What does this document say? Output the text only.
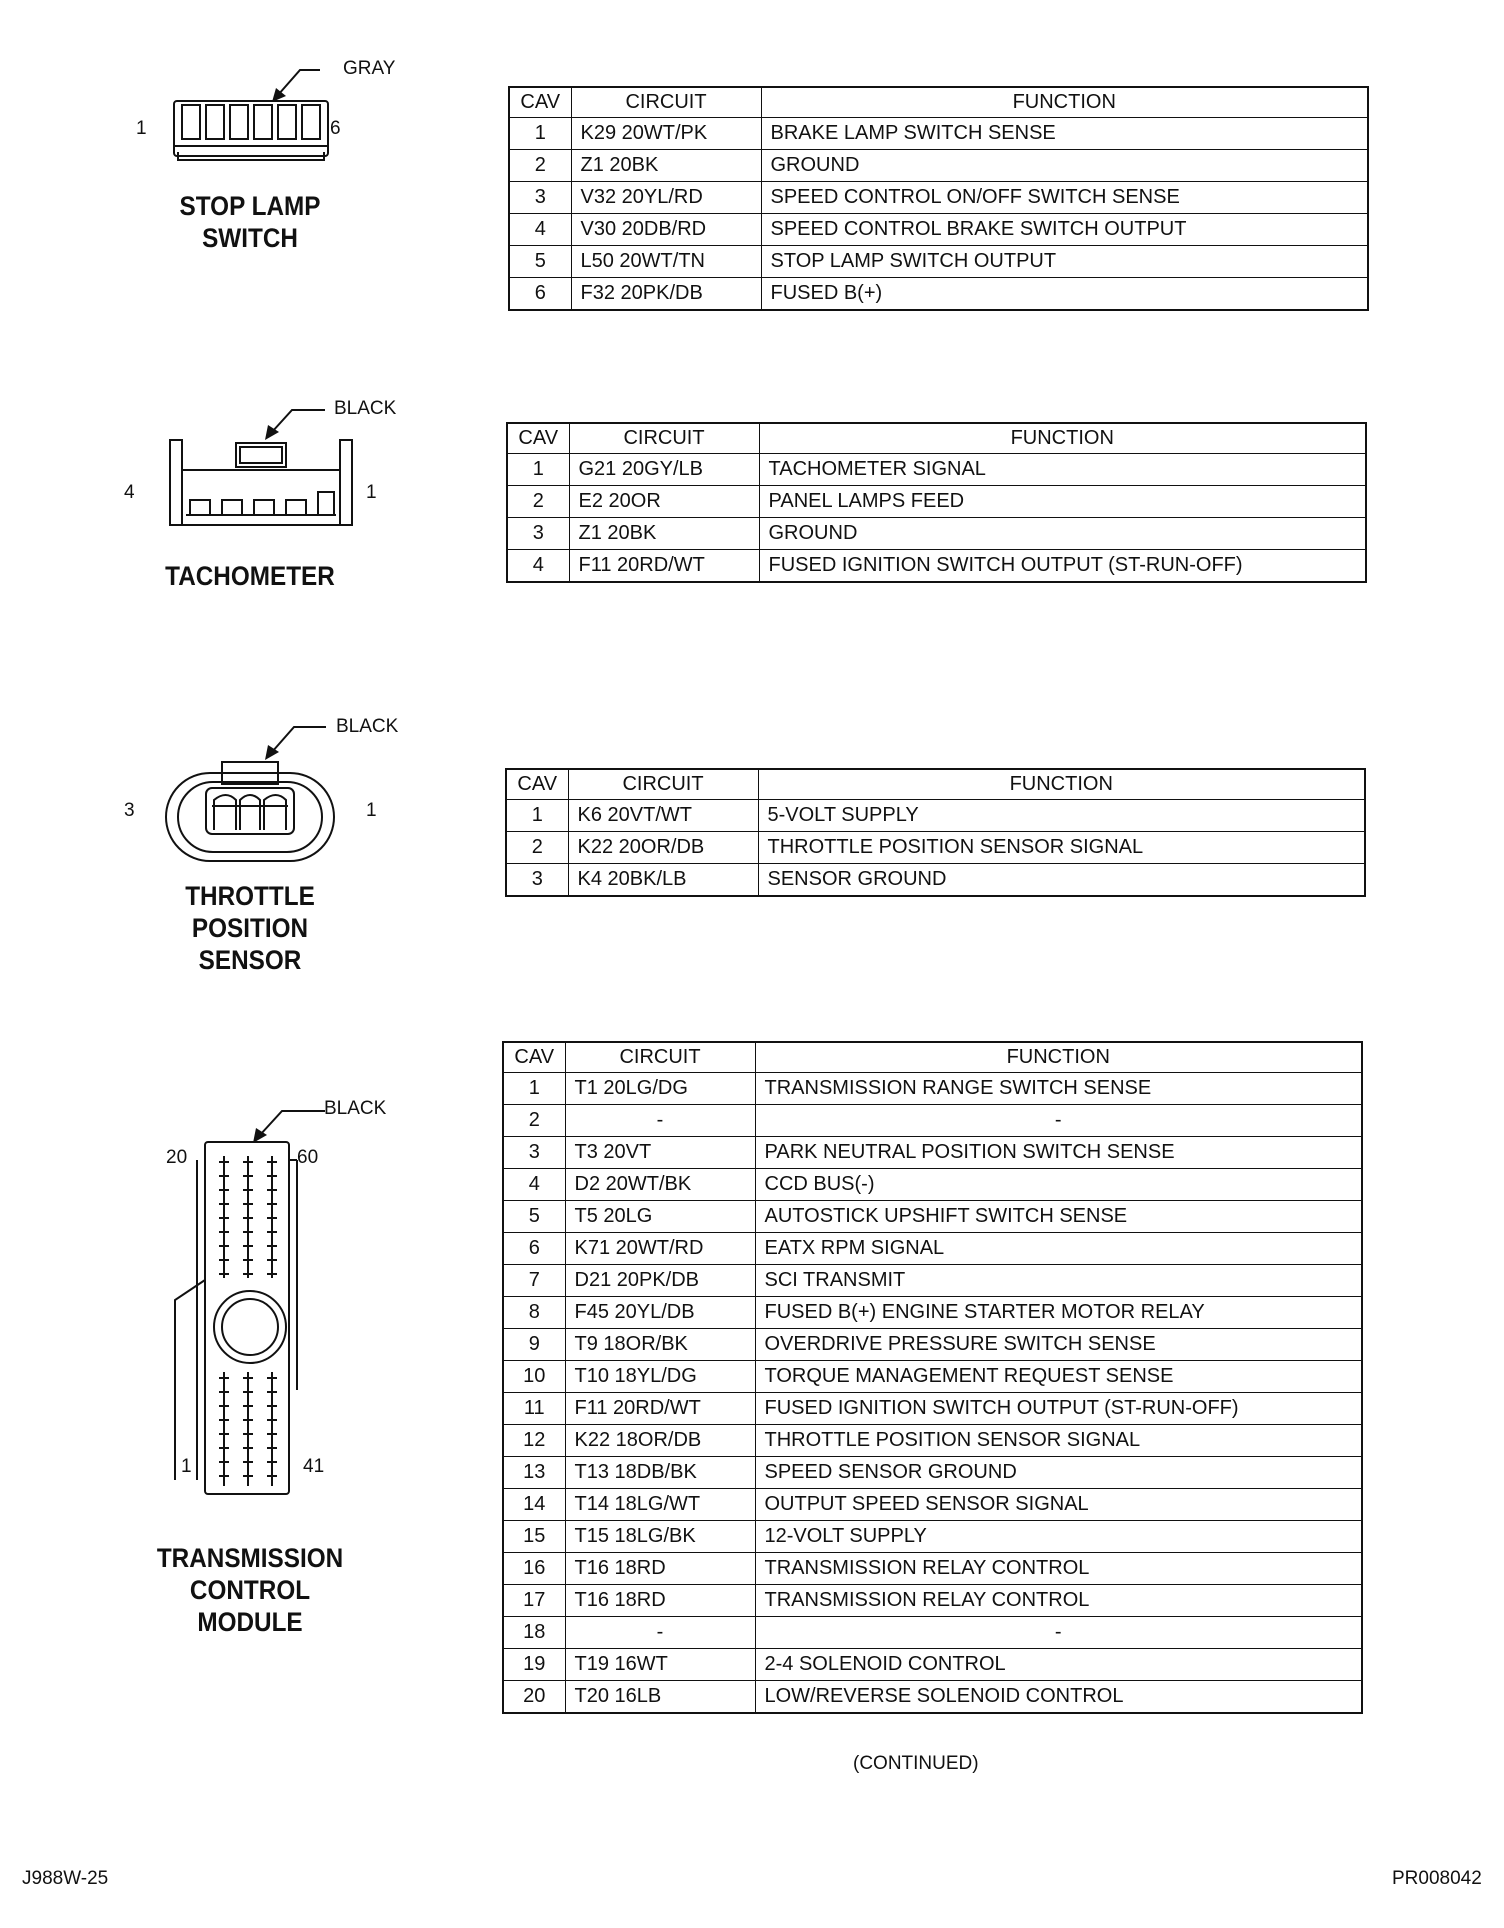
GRAY
1	6
STOP LAMP
SWITCH
CAV	CIRCUIT	FUNCTION
1	K29 20WT/PK	BRAKE LAMP SWITCH SENSE
2	Z1 20BK	GROUND
3	V32 20YL/RD	SPEED CONTROL ON/OFF SWITCH SENSE
4	V30 20DB/RD	SPEED CONTROL BRAKE SWITCH OUTPUT
5	L50 20WT/TN	STOP LAMP SWITCH OUTPUT
6	F32 20PK/DB	FUSED B(+)
BLACK
4	1
TACHOMETER
CAV	CIRCUIT	FUNCTION
1	G21 20GY/LB	TACHOMETER SIGNAL
2	E2 20OR	PANEL LAMPS FEED
3	Z1 20BK	GROUND
4	F11 20RD/WT	FUSED IGNITION SWITCH OUTPUT (ST-RUN-OFF)
BLACK
3	1
THROTTLE
POSITION
SENSOR
CAV	CIRCUIT	FUNCTION
1	K6 20VT/WT	5-VOLT SUPPLY
2	K22 20OR/DB	THROTTLE POSITION SENSOR SIGNAL
3	K4 20BK/LB	SENSOR GROUND
BLACK
20	60
1	41
TRANSMISSION
CONTROL
MODULE
CAV	CIRCUIT	FUNCTION
1	T1 20LG/DG	TRANSMISSION RANGE SWITCH SENSE
2	-	-
3	T3 20VT	PARK NEUTRAL POSITION SWITCH SENSE
4	D2 20WT/BK	CCD BUS(-)
5	T5 20LG	AUTOSTICK UPSHIFT SWITCH SENSE
6	K71 20WT/RD	EATX RPM SIGNAL
7	D21 20PK/DB	SCI TRANSMIT
8	F45 20YL/DB	FUSED B(+) ENGINE STARTER MOTOR RELAY
9	T9 18OR/BK	OVERDRIVE PRESSURE SWITCH SENSE
10	T10 18YL/DG	TORQUE MANAGEMENT REQUEST SENSE
11	F11 20RD/WT	FUSED IGNITION SWITCH OUTPUT (ST-RUN-OFF)
12	K22 18OR/DB	THROTTLE POSITION SENSOR SIGNAL
13	T13 18DB/BK	SPEED SENSOR GROUND
14	T14 18LG/WT	OUTPUT SPEED SENSOR SIGNAL
15	T15 18LG/BK	12-VOLT SUPPLY
16	T16 18RD	TRANSMISSION RELAY CONTROL
17	T16 18RD	TRANSMISSION RELAY CONTROL
18	-	-
19	T19 16WT	2-4 SOLENOID CONTROL
20	T20 16LB	LOW/REVERSE SOLENOID CONTROL
(CONTINUED)
J988W-25	PR008042
